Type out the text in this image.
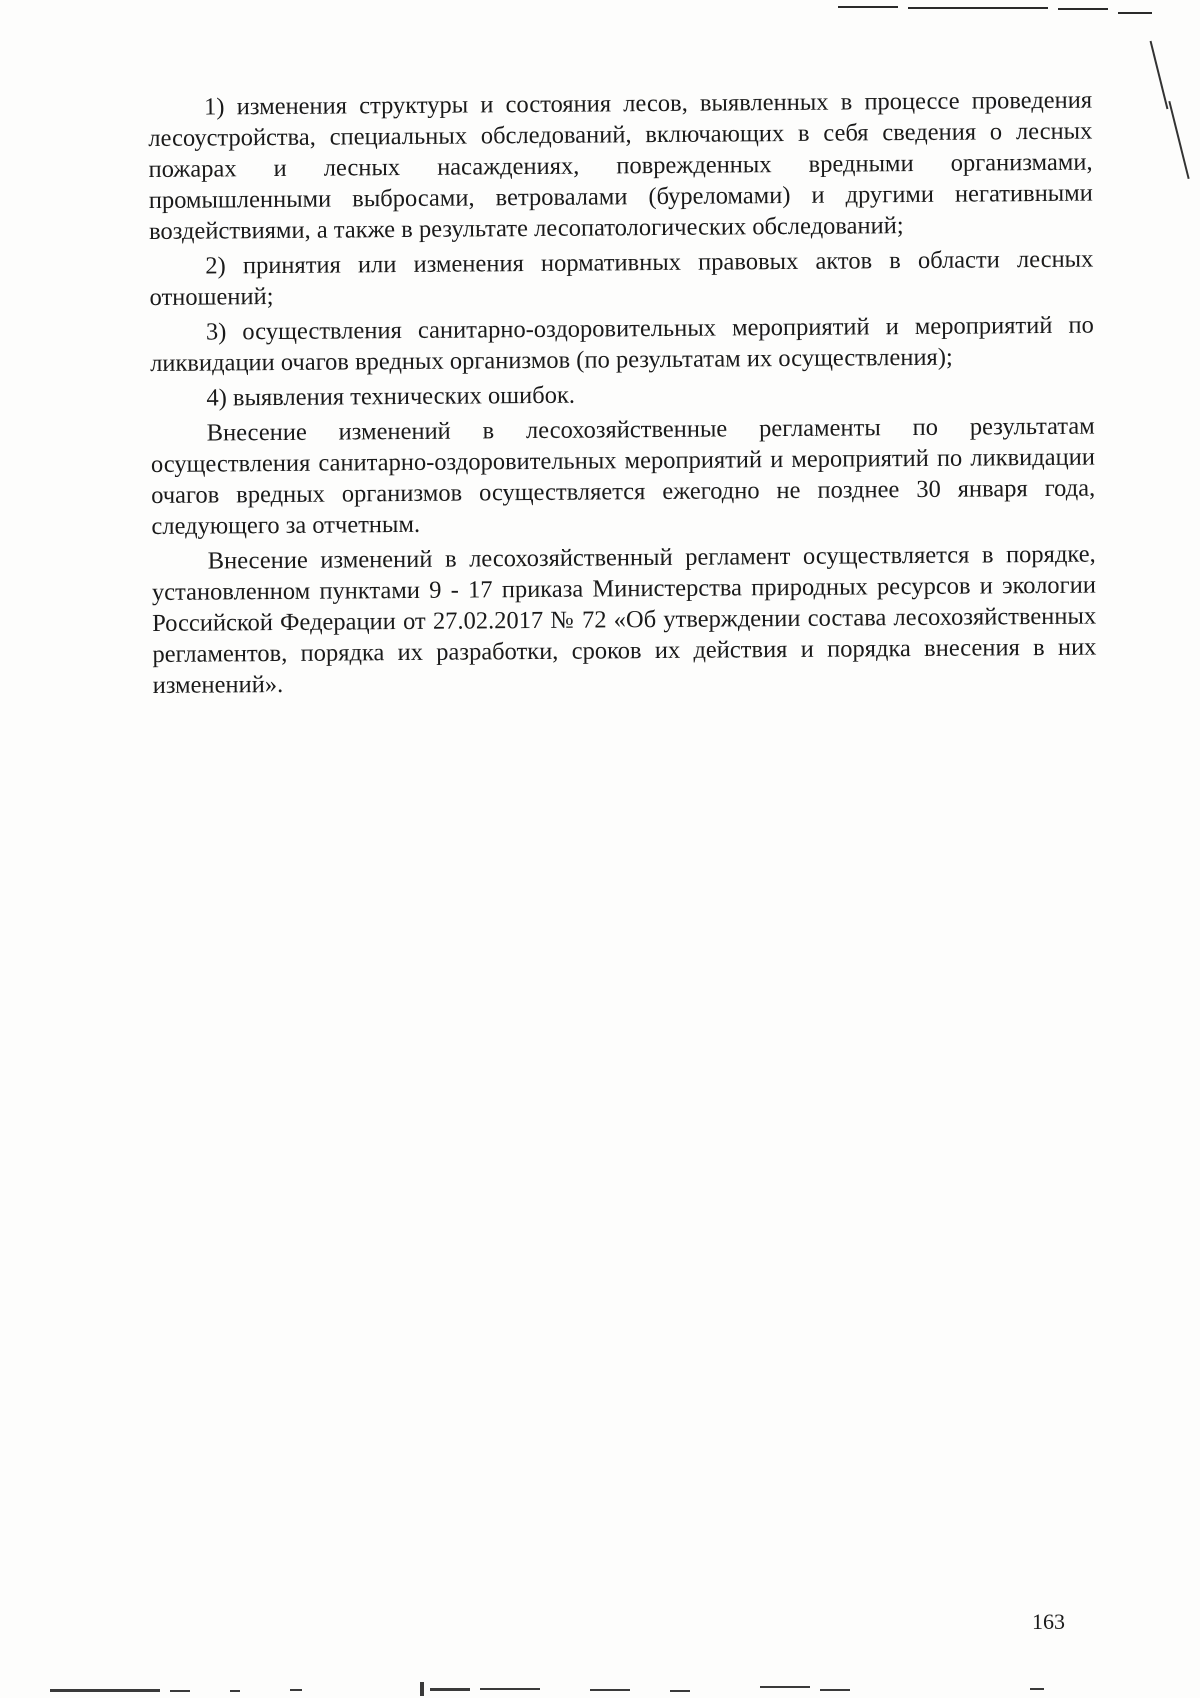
1) изменения структуры и состояния лесов, выявленных в процессе проведения лесоустройства, специальных обследований, включающих в себя сведения о лесных пожарах и лесных насаждениях, поврежденных вредными организмами, промышленными выбросами, ветровалами (буреломами) и другими негативными воздействиями, а также в результате лесопатологических обследований;

2) принятия или изменения нормативных правовых актов в области лесных отношений;

3) осуществления санитарно-оздоровительных мероприятий и мероприятий по ликвидации очагов вредных организмов (по результатам их осуществления);

4) выявления технических ошибок.

Внесение изменений в лесохозяйственные регламенты по результатам осуществления санитарно-оздоровительных мероприятий и мероприятий по ликвидации очагов вредных организмов осуществляется ежегодно не позднее 30 января года, следующего за отчетным.

Внесение изменений в лесохозяйственный регламент осуществляется в порядке, установленном пунктами 9 - 17 приказа Министерства природных ресурсов и экологии Российской Федерации от 27.02.2017 № 72 «Об утверждении состава лесохозяйственных регламентов, порядка их разработки, сроков их действия и порядка внесения в них изменений».

163
